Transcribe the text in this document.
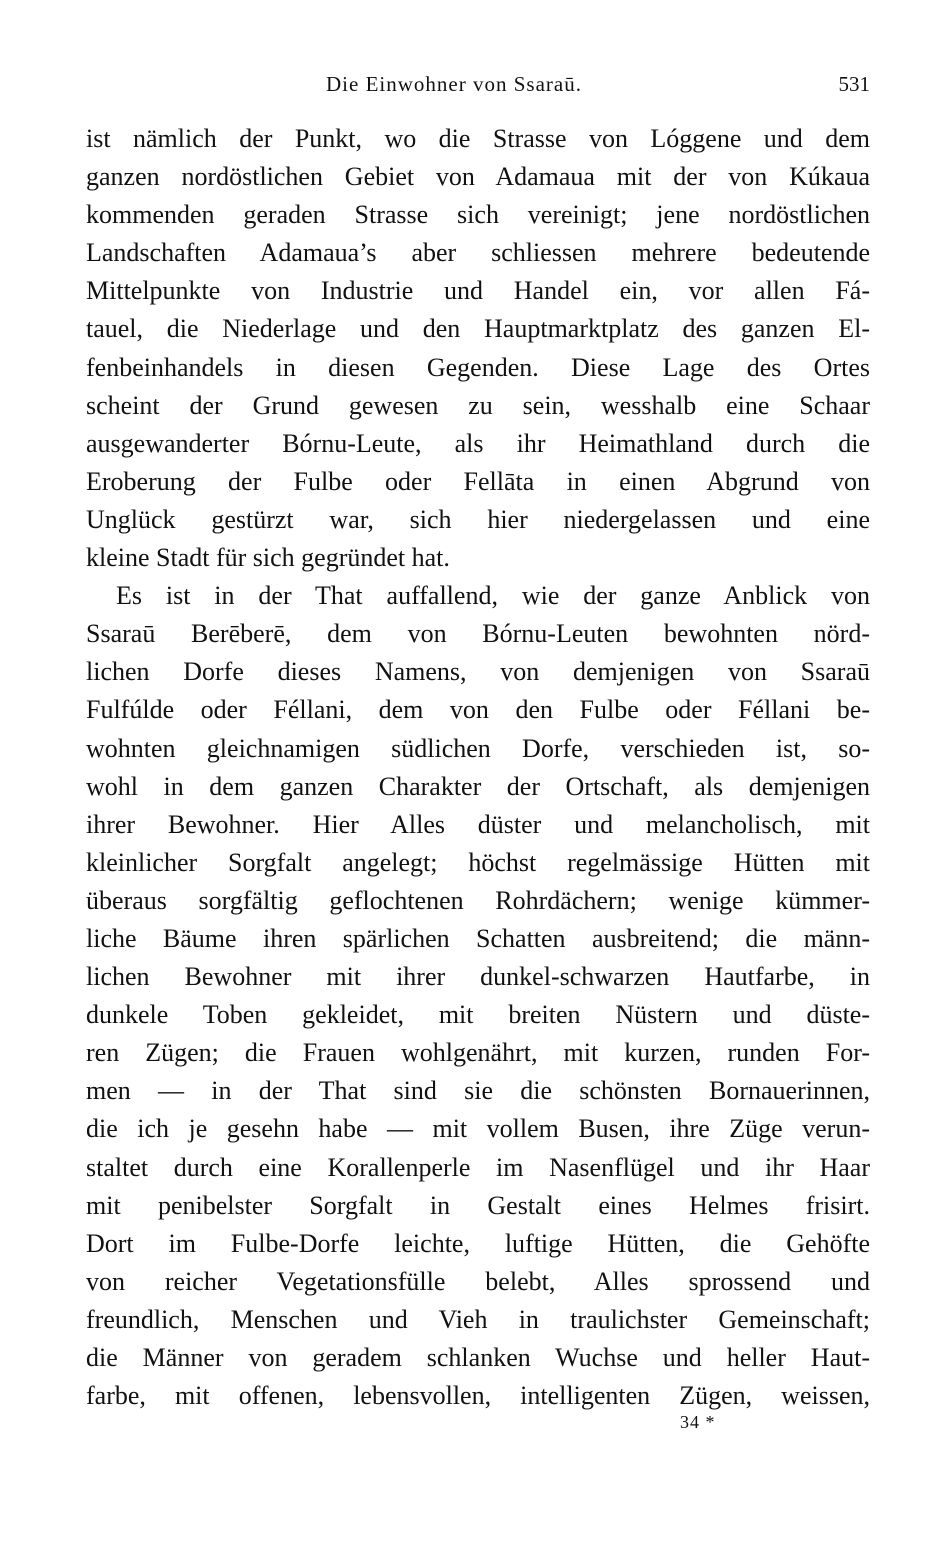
Die Einwohner von Ssaraū.	531
ist nämlich der Punkt, wo die Strasse von Lóggene und dem
ganzen nordöstlichen Gebiet von Adamaua mit der von Kúkaua
kommenden geraden Strasse sich vereinigt; jene nordöstlichen
Landschaften Adamaua’s aber schliessen mehrere bedeutende
Mittelpunkte von Industrie und Handel ein, vor allen Fá-
tauel, die Niederlage und den Hauptmarktplatz des ganzen El-
fenbeinhandels in diesen Gegenden. Diese Lage des Ortes
scheint der Grund gewesen zu sein, wesshalb eine Schaar
ausgewanderter Bórnu-Leute, als ihr Heimathland durch die
Eroberung der Fulbe oder Fellāta in einen Abgrund von
Unglück gestürzt war, sich hier niedergelassen und eine
kleine Stadt für sich gegründet hat.
Es ist in der That auffallend, wie der ganze Anblick von
Ssaraū Berēberē, dem von Bórnu-Leuten bewohnten nörd-
lichen Dorfe dieses Namens, von demjenigen von Ssaraū
Fulfúlde oder Féllani, dem von den Fulbe oder Féllani be-
wohnten gleichnamigen südlichen Dorfe, verschieden ist, so-
wohl in dem ganzen Charakter der Ortschaft, als demjenigen
ihrer Bewohner. Hier Alles düster und melancholisch, mit
kleinlicher Sorgfalt angelegt; höchst regelmässige Hütten mit
überaus sorgfältig geflochtenen Rohrdächern; wenige kümmer-
liche Bäume ihren spärlichen Schatten ausbreitend; die männ-
lichen Bewohner mit ihrer dunkel-schwarzen Hautfarbe, in
dunkele Toben gekleidet, mit breiten Nüstern und düste-
ren Zügen; die Frauen wohlgenährt, mit kurzen, runden For-
men — in der That sind sie die schönsten Bornauerinnen,
die ich je gesehn habe — mit vollem Busen, ihre Züge verun-
staltet durch eine Korallenperle im Nasenflügel und ihr Haar
mit penibelster Sorgfalt in Gestalt eines Helmes frisirt.
Dort im Fulbe-Dorfe leichte, luftige Hütten, die Gehöfte
von reicher Vegetationsfülle belebt, Alles sprossend und
freundlich, Menschen und Vieh in traulichster Gemeinschaft;
die Männer von geradem schlanken Wuchse und heller Haut-
farbe, mit offenen, lebensvollen, intelligenten Zügen, weissen,
34 *
